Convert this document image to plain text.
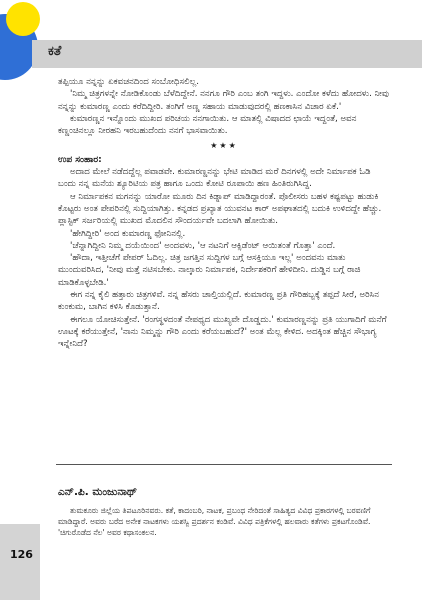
ಕತೆ

ತಪ್ಪಿಯೂ ನನ್ನನ್ನು ಏಕವಚನದಿಂದ ಸಂಬೋಧಿಸಲಿಲ್ಲ.

'ನಿಮ್ಮ ಚಿತ್ರಗಳನ್ನೇ ನೋಡಿಕೊಂಡು ಬೆಳೆದಿದ್ದೇನೆ. ನನಗೂ ಗೌರಿ ಎಂಬ ತಂಗಿ ಇದ್ದಳು. ಎಂದೋ ಕಳೆದು ಹೋದಳು. ನೀವು ನನ್ನನ್ನು ಕುಮಾರಣ್ಣ ಎಂದು ಕರೆದಿದ್ದೀರಿ. ತಂಗಿಗೆ ಅಣ್ಣ ಸಹಾಯ ಮಾಡುವುದರಲ್ಲಿ ಹಣಕಾಸಿನ ವಿಚಾರ ಏಕೆ.'

ಕುಮಾರಣ್ಣನ ಇನ್ನೊಂದು ಮುಖದ ಪರಿಚಯ ನನಗಾಯಿತು. ಆ ಮಾತಲ್ಲಿ ವಿಷಾದದ ಛಾಯೆ ಇದ್ದಂತೆ, ಅವನ ಕಣ್ಣಂಚಿನಲ್ಲೂ ನೀರಹನಿ ಇರಬಹುದೆಂದು ನನಗೆ ಭಾಸವಾಯಿತು.

★★★

ಉಪ ಸಂಹಾರ:

ಅದಾದ ಮೇಲೆ ನಡೆದದ್ದೆಲ್ಲ ಪವಾಡವೇ. ಕುಮಾರಣ್ಣನನ್ನು ಭೇಟಿ ಮಾಡಿದ ಮರೆ ದಿನಗಳಲ್ಲಿ ಅದೇ ನಿರ್ಮಾಪಕ ಓಡಿ ಬಂದು ನನ್ನ ಮನೆಯ ಶ್ಯೂರಿಟಿಯ ಪತ್ರ ಹಾಗೂ ಒಂದು ಕೋಟಿ ರೂಪಾಯಿ ಹಣ ಹಿಂತಿರುಗಿಸಿದ್ದ.

ಆ ನಿರ್ಮಾಪಕನ ಮಗನನ್ನು ಯಾರೋ ಮೂರು ದಿನ ಕಿಡ್ನಾಪ್ ಮಾಡಿದ್ದಾರಂತೆ. ಪೊಲೀಸರು ಬಹಳ ಕಷ್ಟಪಟ್ಟು ಹುಡುಕಿ ಕೊಟ್ಟರು ಅಂತ ಪೇಪರಿನಲ್ಲಿ ಸುದ್ದಿಯಾಗಿತ್ತು. ಕನ್ನಡದ ಪ್ರಖ್ಯಾತ ಯುವನಟ ಕಾರ್ ಅಪಘಾತದಲ್ಲಿ ಬದುಕಿ ಉಳಿದದ್ದೇ ಹೆಚ್ಚು. ಪ್ಲಾಸ್ಟಿಕ್ ಸರ್ಜರಿಯಲ್ಲಿ ಮುಖದ ಮೊದಲಿನ ಸೌಂದರ್ಯವೇ ಬದಲಾಗಿ ಹೋಯಿತು.

'ಹೇಗಿದ್ದೀರಿ' ಅಂದ ಕುಮಾರಣ್ಣ ಫೋನಿನಲ್ಲಿ.

'ಚೆನ್ನಾಗಿದ್ದೀನಿ ನಿಮ್ಮ ದಯೆಯಿಂದ' ಅಂದವಳು, 'ಆ ನಟನಿಗೆ ಆಕ್ಸಿಡೆಂಟ್ ಆಯಿತಂತೆ ಗೊತ್ತಾ' ಎಂದೆ.

'ಹೌದಾ, ಇತ್ತೀಚೆಗೆ ಪೇಪರ್ ಓದಿಲ್ಲ. ಚಿತ್ರ ಜಗತ್ತಿನ ಸುದ್ದಿಗಳ ಬಗ್ಗೆ ಆಸಕ್ತಿಯೂ ಇಲ್ಲ' ಅಂದವನು ಮಾತು ಮುಂದುವರಿಸಿದ, 'ನೀವು ಮತ್ತೆ ನಟಿಸಬೇಕು. ನಾಲ್ಕಾರು ನಿರ್ಮಾಪಕ, ನಿರ್ದೇಶಕರಿಗೆ ಹೇಳಿದೀನಿ. ದುಡ್ಡಿನ ಬಗ್ಗೆ ರಾಜಿ ಮಾಡಿಕೊಳ್ಳಬೇಡಿ.'

ಈಗ ನನ್ನ ಕೈಲಿ ಹತ್ತಾರು ಚಿತ್ರಗಳಿವೆ. ನನ್ನ ಹೆಸರು ಚಾಲ್ತಿಯಲ್ಲಿದೆ. ಕುಮಾರಣ್ಣ ಪ್ರತಿ ಗೌರಿಹಬ್ಬಕ್ಕೆ ತಪ್ಪದೆ ಸೀರೆ, ಅರಿಸಿನ ಕುಂಕುಮ, ಬಾಗಿನ ಕಳಿಸಿ ಕೊಡುತ್ತಾನೆ.

ಈಗಲೂ ಯೋಚಿಸುತ್ತೇನೆ. 'ರಂಗಸ್ಥಳದಂತೆ ನೇಪಥ್ಯದ ಮುಖ್ಯವೇ ದೊಡ್ಡದು.' ಕುಮಾರಣ್ಣನನ್ನು ಪ್ರತಿ ಯುಗಾದಿಗೆ ಮನೆಗೆ ಊಟಕ್ಕೆ ಕರೆಯುತ್ತೇನೆ, 'ನಾನು ನಿಮ್ಮನ್ನು ಗೌರಿ ಎಂದು ಕರೆಯಬಹುದೆ?' ಅಂತ ಮೆಲ್ಲ ಕೇಳಿದ. ಅದಕ್ಕಿಂತ ಹೆಚ್ಚಿನ ಸೌಭಾಗ್ಯ ಇನ್ನೇನಿದೆ?

ಎನ್.ಪಿ. ಮಂಜುನಾಥ್

ತುಮಕೂರು ಜಿಲ್ಲೆಯ ತಿಪಟೂರಿನವರು. ಕತೆ, ಕಾದಂಬರಿ, ನಾಟಕ, ಪ್ರಬಂಧ ನೇರಿದಂತೆ ಸಾಹಿತ್ಯದ ವಿವಿಧ ಪ್ರಕಾರಗಳಲ್ಲಿ ಬರವಣಿಗೆ ಮಾಡಿದ್ದಾರೆ. ಅವರು ಬರೆದ ಅನೇಕ ನಾಟಕಗಳು ಯಶಸ್ವಿ ಪ್ರದರ್ಶನ ಕಂಡಿವೆ. ವಿವಿಧ ಪತ್ರಿಕೆಗಳಲ್ಲಿ ಹಲವಾರು ಕತೆಗಳು ಪ್ರಕಟಗೊಂಡಿವೆ. 'ಚಿಗುರೊಡೆದ ನೆಲ' ಅವರ ಕಥಾಸಂಕಲನ.

126
